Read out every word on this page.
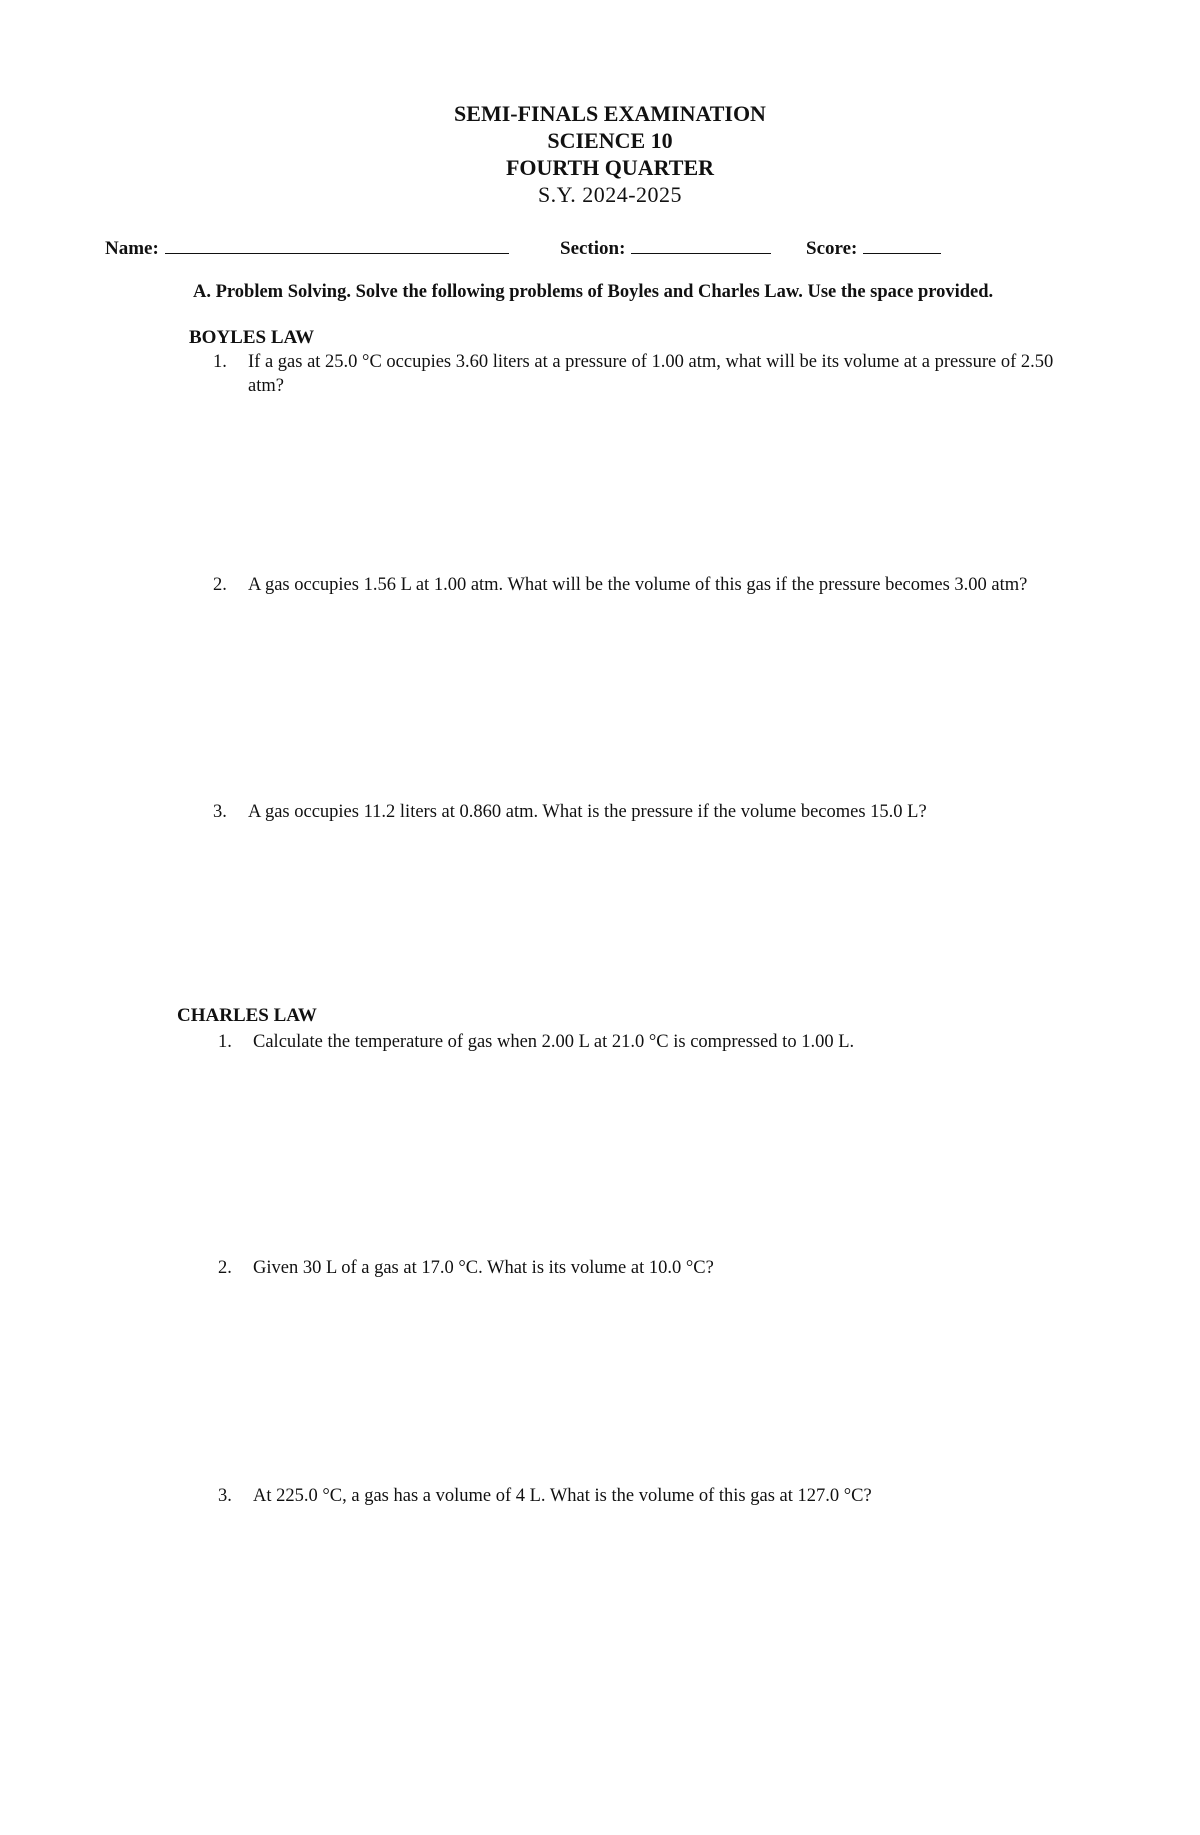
SEMI-FINALS EXAMINATION
SCIENCE 10
FOURTH QUARTER
S.Y. 2024-2025
Name:	Section:	Score:
A. Problem Solving. Solve the following problems of Boyles and Charles Law. Use the space provided.
BOYLES LAW
1.	If a gas at 25.0 °C occupies 3.60 liters at a pressure of 1.00 atm, what will be its volume at a pressure of 2.50 atm?
2.	A gas occupies 1.56 L at 1.00 atm. What will be the volume of this gas if the pressure becomes 3.00 atm?
3.	A gas occupies 11.2 liters at 0.860 atm. What is the pressure if the volume becomes 15.0 L?
CHARLES LAW
1.	Calculate the temperature of gas when 2.00 L at 21.0 °C is compressed to 1.00 L.
2.	Given 30 L of a gas at 17.0 °C. What is its volume at 10.0 °C?
3.	At 225.0 °C, a gas has a volume of 4 L. What is the volume of this gas at 127.0 °C?
